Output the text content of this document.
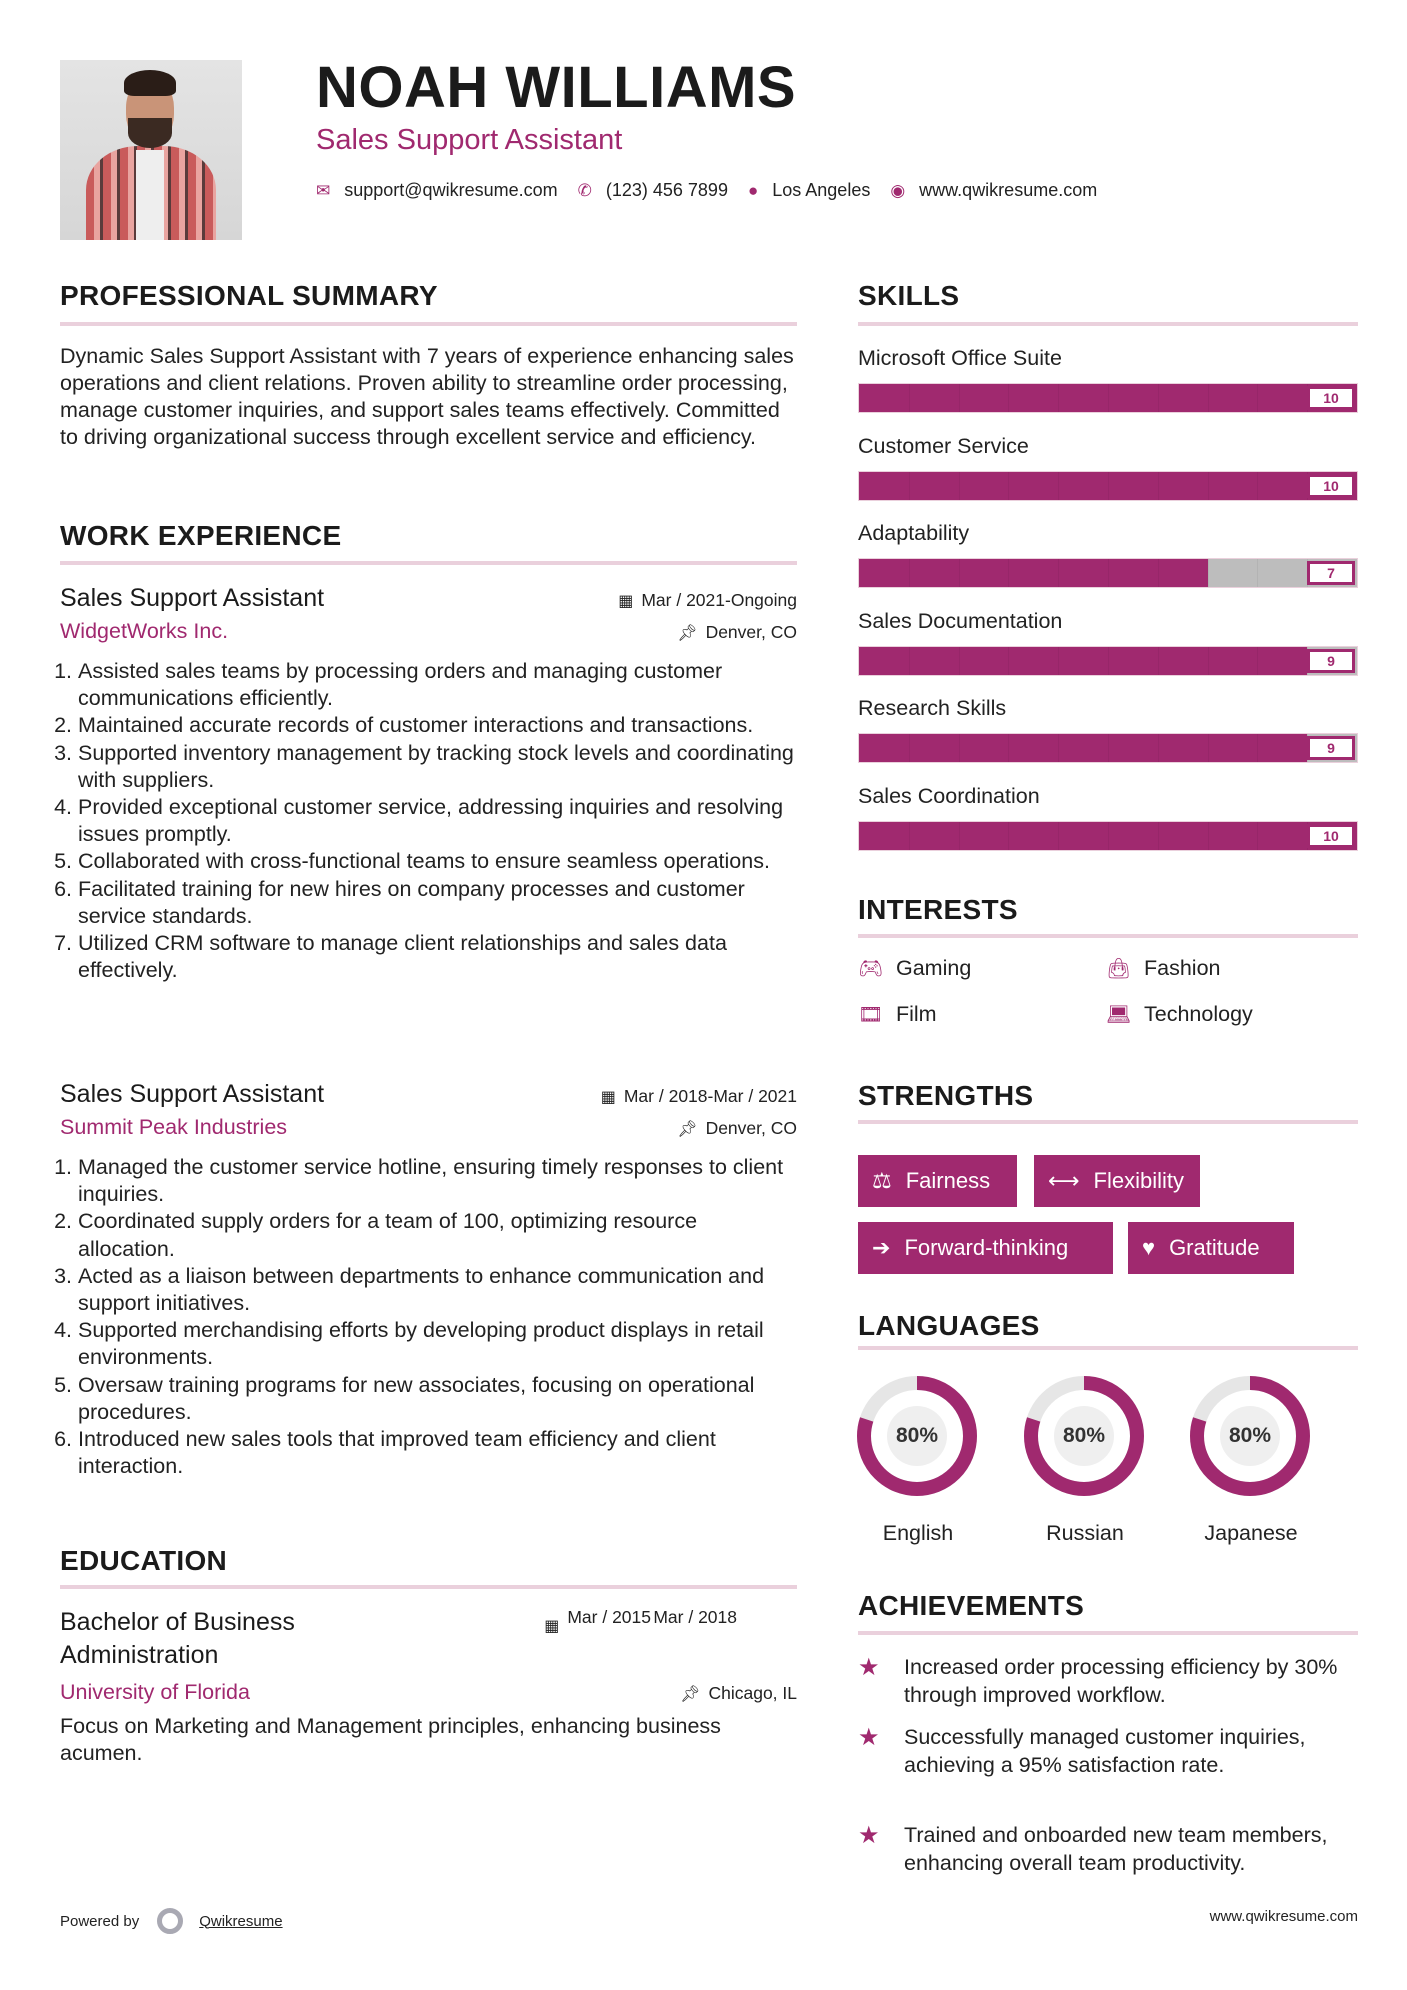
NOAH WILLIAMS
Sales Support Assistant
✉ support@qwikresume.com ✆ (123) 456 7899 ● Los Angeles ◉ www.qwikresume.com
PROFESSIONAL SUMMARY
Dynamic Sales Support Assistant with 7 years of experience enhancing sales operations and client relations. Proven ability to streamline order processing, manage customer inquiries, and support sales teams effectively. Committed to driving organizational success through excellent service and efficiency.
WORK EXPERIENCE
Sales Support Assistant	▦ Mar / 2021-Ongoing
WidgetWorks Inc.	📌︎ Denver, CO
1. Assisted sales teams by processing orders and managing customer communications efficiently.
2. Maintained accurate records of customer interactions and transactions.
3. Supported inventory management by tracking stock levels and coordinating with suppliers.
4. Provided exceptional customer service, addressing inquiries and resolving issues promptly.
5. Collaborated with cross-functional teams to ensure seamless operations.
6. Facilitated training for new hires on company processes and customer service standards.
7. Utilized CRM software to manage client relationships and sales data effectively.
Sales Support Assistant	▦ Mar / 2018-Mar / 2021
Summit Peak Industries	📌︎ Denver, CO
1. Managed the customer service hotline, ensuring timely responses to client inquiries.
2. Coordinated supply orders for a team of 100, optimizing resource allocation.
3. Acted as a liaison between departments to enhance communication and support initiatives.
4. Supported merchandising efforts by developing product displays in retail environments.
5. Oversaw training programs for new associates, focusing on operational procedures.
6. Introduced new sales tools that improved team efficiency and client interaction.
EDUCATION
Bachelor of Business Administration
▦ Mar / 2015 Mar / 2018
University of Florida	📌︎ Chicago, IL
Focus on Marketing and Management principles, enhancing business acumen.
SKILLS
Microsoft Office Suite
10
Customer Service
10
Adaptability
7
Sales Documentation
9
Research Skills
9
Sales Coordination
10
INTERESTS
🎮︎ Gaming	👜︎ Fashion
🎞︎ Film	💻︎ Technology
STRENGTHS
⚖ Fairness	⟷ Flexibility
➔ Forward-thinking	♥ Gratitude
LANGUAGES
80%
English
80%
Russian
80%
Japanese
ACHIEVEMENTS
★	Increased order processing efficiency by 30% through improved workflow.
★	Successfully managed customer inquiries, achieving a 95% satisfaction rate.
★	Trained and onboarded new team members, enhancing overall team productivity.
Powered by	Qwikresume	www.qwikresume.com
